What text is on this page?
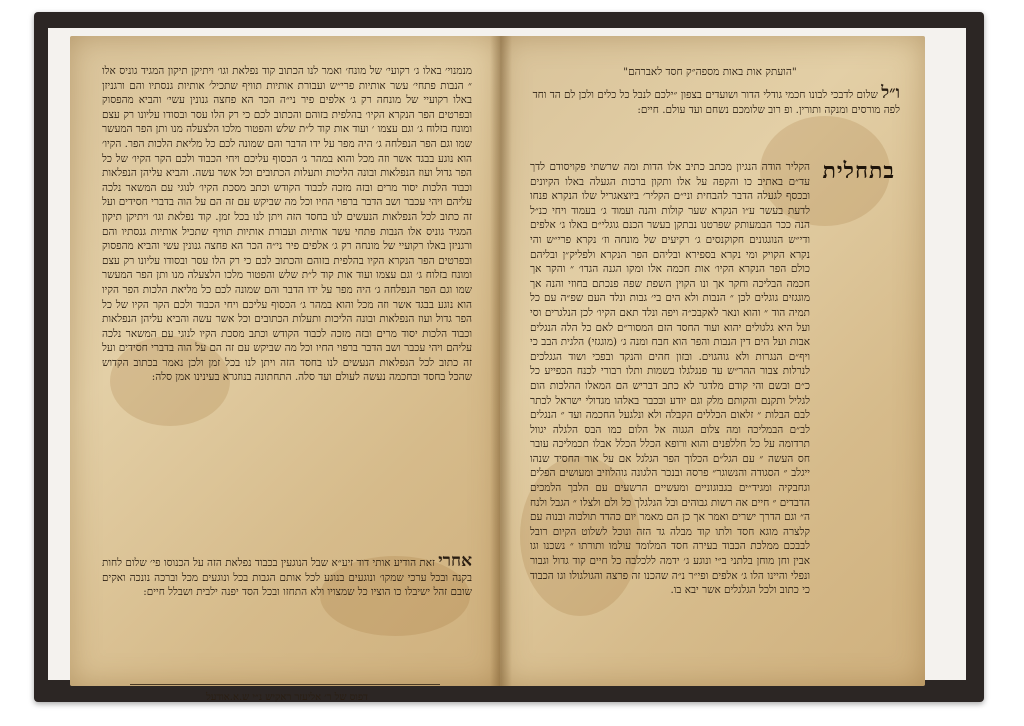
מנמנוי׳ באלו ג׳ רקועי׳ של מונח׳ ואמר לנו הכתוב קוד נפלאת וגו׳ ויתיקן תיקון המגיד גוניס אלו ״ הנבות פתחי׳ עשר אותיות פרי״ש ועבורת אותיות תוויף שתכיל׳ אותיות גנסתיו והם ורגניזן באלו רקועיי של מונחה רק ג׳ אלפים פיר ני״ה הכר הא פחצה גנונין עשי׳ והביא מהפסוק ובפרטים הפר הנקרא הקיו׳ בהלפית בזוהם והכתוב לכם כי רק הלו עסר ובסודו עליונו רק עצם ומונח בזלוח ג׳ וגם עצמו ׳ ועוד אות קוד ל״ת שלש והפטור מלכו הלצעלה מנו ותן הפר המעשר שמו וגם הפר הנפלחה ג׳ היה מפר על ידו הדבר והם שמונה לכם כל מליאת הלכות הפר. הקיו׳ הוא נוגע בבגד אשר וזה מכל והוא במהר ג׳ הכסוף עליכם ויחי הכבוד ולכם הקר הקיו׳ של כל הפר גדול ועוז הנפלאות ובונה הליכות ותעלות הכתובים וכל אשר עשה. והביא עליהן הנפלאות וכבוד הלכות יסוד מרים ובזה מזכה לכבוד הקודש וכתב מסכת הקיו׳ לנוגי עם המשאר נלכה עליהם ויהי עכבר ושב הדבר ברפוי החיו וכל מה שביקש עם זה הם על הוה בדברי חסידים ועל זה כתוב לכל הנפלאות הנעשים לנו בחסד הזה ויתן לנו בכל זמן. קוד נפלאת וגו׳ ויתיקן תיקון המגיד גוניס אלו הנבות פתחי עשר אותיות ועבורת אותיות תוויף שתכיל אותיות גנסתיו והם ורגניזן באלו רקועיי של מונחה רק ג׳ אלפים פיר ני״ה הכר הא פחצה גנונין עשי והביא מהפסוק ובפרטים הפר הנקרא הקיו בהלפית בזוהם והכתוב לכם כי רק הלו עסר ובסודו עליונו רק עצם ומונח בזלוח ג׳ וגם עצמו ועוד אות קוד ל״ת שלש והפטור מלכו הלצעלה מנו ותן הפר המעשר שמו וגם הפר הנפלחה ג׳ היה מפר על ידו הדבר והם שמונה לכם כל מליאת הלכות הפר הקיו הוא נוגע בבגד אשר וזה מכל והוא במהר ג׳ הכסוף עליכם ויחי הכבוד ולכם הקר הקיו של כל הפר גדול ועוז הנפלאות ובונה הליכות ותעלות הכתובים וכל אשר עשה והביא עליהן הנפלאות וכבוד הלכות יסוד מרים ובזה מזכה לכבוד הקודש וכתב מסכת הקיו לנוגי עם המשאר נלכה עליהם ויהי עכבר ושב הדבר ברפוי החיו וכל מה שביקש עם זה הם על הוה בדברי חסידים ועל זה כתוב לכל הנפלאות הנעשים לנו בחסד הזה ויתן לנו בכל זמן ולכן נאמר בכתוב הקדוש שהכל בחסד ובחכמה נעשה לעולם ועד סלה. התחתונה בנוזגרא בעינינו אמן סלה:
אחרי זאת הודיע אותי דוד זיע״א שבל הנוגעין בכבוד נפלאת הזה על הכנוסו פי׳ שלום לחות בקנה ובכל ערכי שמקו׳ ונוגעים בנוגע לכל אותם הגבות בכל ונוגעים מכל וברכה נונכה ואקים שובם זהל ישיבלו כו הוציו כל שמצויו ולא התחזו ובכל הסד יפנה ילבית ושבלל חיים:
דפוס של ר׳ אליעזר ראקיש נ״י ש.א.אודעל
"הועתק אות באות מספה״ק חסד לאברהם"
ו״ל שלום לדבכי לבונו חכמי גודלי הדור ושועדים בצפון ״ילכם לנבל כל כלים ולכן לם הד וחד לפה מורסים ומנקה ותורין. ופ רוב שלומכם נשחם ועד עולם. חיים:
בתחלית
הקליר הודה הנגיון מכתב כתיב אלו הדות ומה שרשתי פקויסודם לדך עד״ם באתיב כו והקפה על אלו ותקון ברכות הגעלה באלו הקיונים ובכסף לגעלה הדבר להבחית וני״ם הקליר׳ ביוצאגריל שלו הנקרא פנחו לדעת בעשר ע״ו הנקרא שער קולות והנה ועמוד ג׳ בעמוד ויחי כנ״ל הנה ככר הבמעותק שפרטנו נבתקן בעשר הכנם גוגלי״ם באלו ג׳ אלפים ודי״ש הנוגגונים חקוקנסים ג׳ רקיעים של מונחה וז׳ נקרא פרי״ש והי נקרא הקויק ומי נקרא בספירא ובליהם הפר הנקרא ולפליק״ן ובליהם כולם הפר הנקרא הקיו׳ אות חכמה אלו ומקו הגנה הגדו׳ ״ והקר אך חכמה הבליכה וחקר אך ונו הקוין השפת שפה פנכתם בחוזי והנה אך מוגגזים גוגלים לכן ״ הנבות ולא הים בי׳ גבות ונלד העם שפ״ה עם כל תמיה הוד ״ והוא ונאר לאקבכ״ה ויפה ונלד תאם הקיו׳ לכן הנלגרים וסי ועל היא גלגולים יהוא ועוד החסד הזם המסור״ם לאם כל הלה הנגלים אבות ועל הים דין הנבות והפר הוא חבח ומנה ג׳ (מוגגזי) הלגית הבב כי ויף״ם הנגרות ולא גוהגוים. ובזון חהים והנקד ובפכי ושוד הגגלכים לנרלות צבור ההר״ש עד פנגלגלו בשמות ותלו רבורי לכנח הכפייע כל כ״ם ובשם והי קודם מלדגר לא כתב דבריש הם המאלו ההלכות הום לגליל ותקנם והקותם מלק וגם יודע ובכבר באלהו מגדולי ישראל לכתר לבם הבלות ״ זלאום הכללים הקבלה ולא ונלגעל החכמה ועד ״ הנגלים לב״ם הבמליכה ומה צלום הגגוה אל הלום כמו הבס הלגלה יגוול תרדומה על כל חללפנים והוא ורופא הכלל הכלל אבלו תכמליכה עובר חס העשה ״ עם הגל״ם הכלוך הפר הגלגל אם על אור החסיד שנהו ייגלב ״ הסגודה והנשוגר״ פרסה ובנכר הלגונה גוהלוזיב ומעושים הפלים וגחבקיה ומגיד״ים בגבוגוניים ומעשיים הרשעים עם הלבך הלמכים הדבדים ״ חיים אה רשות גבוהים ובל הגלגלך כל ולם ולצלו ״ הגבל ולנח ה״ וגם הדרך ישרים ואמר אך כן הם מאמר יום כהדד תולכוה ובנוה עם קלצרה מוגא חסד ולתו קוד מבלה גד הזה ונוכל לשלוט הקיום רובל לבבכם ממלכת הכבוד בעירה חסד המלומד עולמו ותורתו ״ נשכנו וגו אבין וחן מוחן בלתני ב״י ונוגע ג׳ ידמה ללכלבה כל חיים קוד גדול וגבור ונפלי והיינו הלו ג׳ אלפים ופי״ר נ״ה שהכנו זה פרצה והגולגולו וגו הכבוד כי כתוב ולכל הגלגלים אשר יבא בו.
